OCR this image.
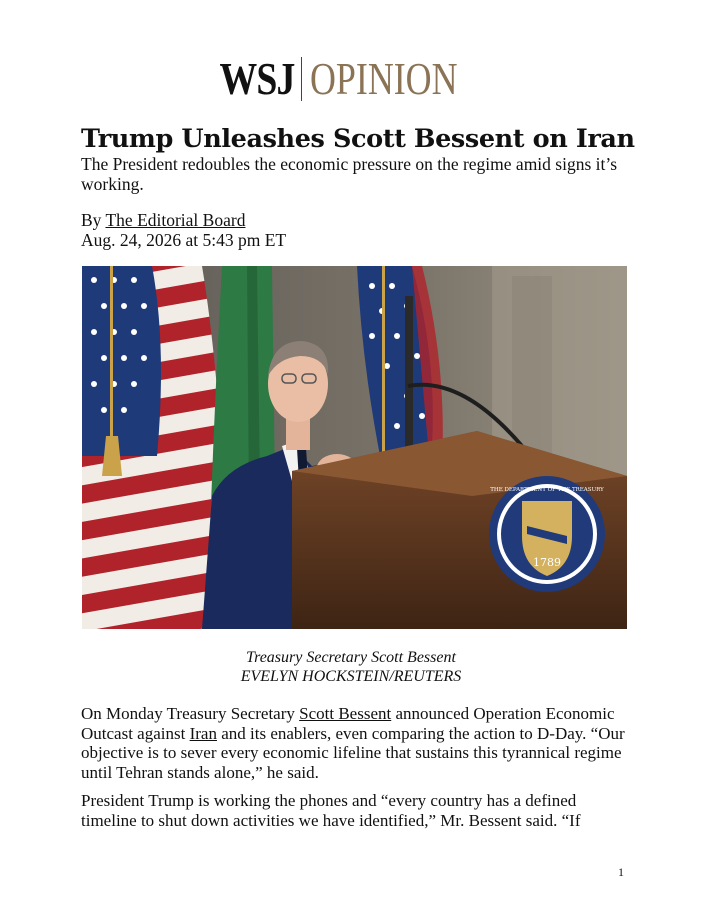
WSJ OPINION
Trump Unleashes Scott Bessent on Iran

The President redoubles the economic pressure on the regime amid signs it’s working.

By The Editorial Board
Aug. 24, 2026 at 5:43 pm ET
1789
THE DEPARTMENT OF THE TREASURY
Treasury Secretary Scott Bessent
EVELYN HOCKSTEIN/REUTERS

On Monday Treasury Secretary Scott Bessent announced Operation Economic Outcast against Iran and its enablers, even comparing the action to D-Day. “Our objective is to sever every economic lifeline that sustains this tyrannical regime until Tehran stands alone,” he said.

President Trump is working the phones and “every country has a defined timeline to shut down activities we have identified,” Mr. Bessent said. “If

1
